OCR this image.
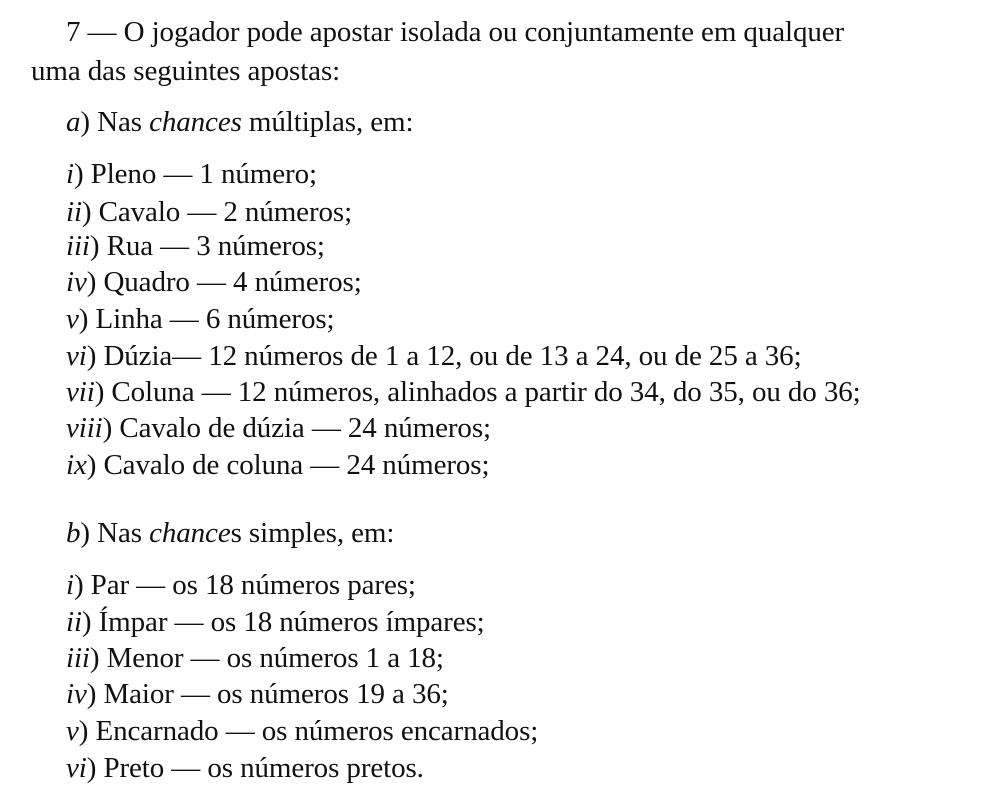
7 — O jogador pode apostar isolada ou conjuntamente em qualquer
uma das seguintes apostas:
a) Nas chances múltiplas, em:
i) Pleno — 1 número;
ii) Cavalo — 2 números;
iii) Rua — 3 números;
iv) Quadro — 4 números;
v) Linha — 6 números;
vi) Dúzia— 12 números de 1 a 12, ou de 13 a 24, ou de 25 a 36;
vii) Coluna — 12 números, alinhados a partir do 34, do 35, ou do 36;
viii) Cavalo de dúzia — 24 números;
ix) Cavalo de coluna — 24 números;
b) Nas chances simples, em:
i) Par — os 18 números pares;
ii) Ímpar — os 18 números ímpares;
iii) Menor — os números 1 a 18;
iv) Maior — os números 19 a 36;
v) Encarnado — os números encarnados;
vi) Preto — os números pretos.
